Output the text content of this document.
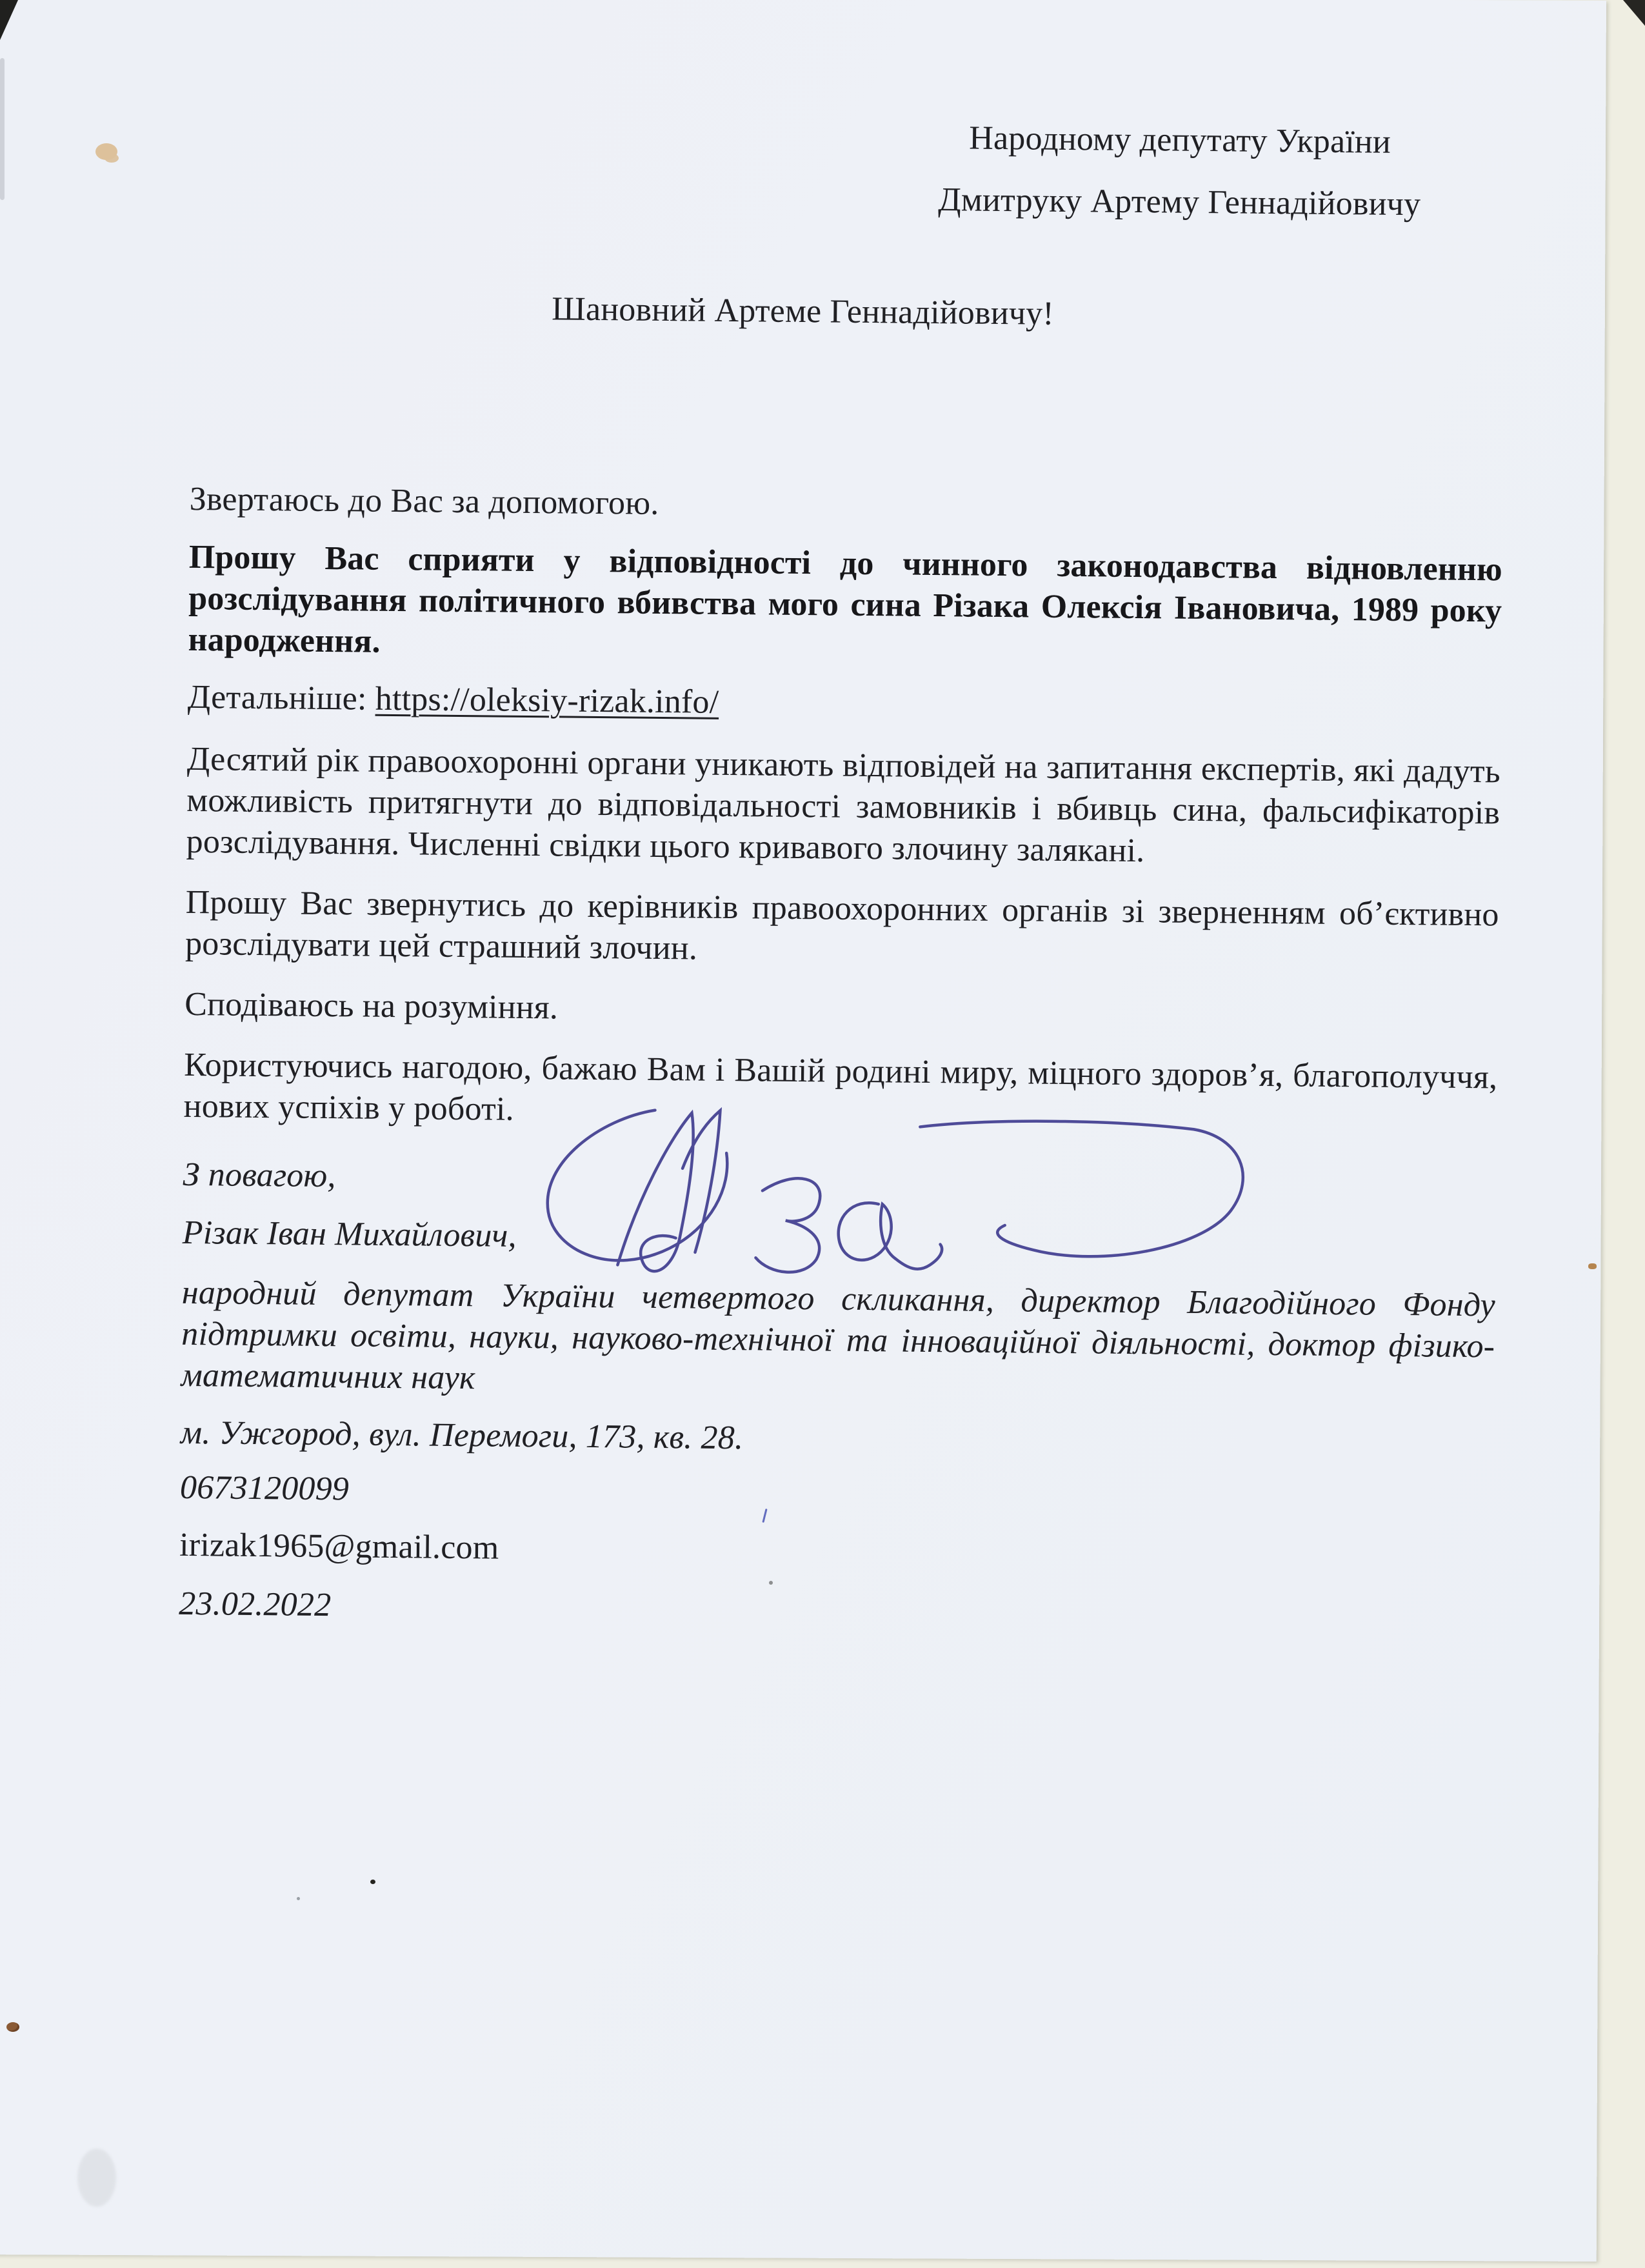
Народному депутату України
Дмитруку Артему Геннадійовичу
Шановний Артеме Геннадійовичу!
Звертаюсь до Вас за допомогою.
Прошу Вас сприяти у відповідності до чинного законодавства відновленню розслідування політичного вбивства мого сина Різака Олексія Івановича, 1989 року народження.
Детальніше: https://oleksiy-rizak.info/
Десятий рік правоохоронні органи уникають відповідей на запитання експертів, які дадуть можливість притягнути до відповідальності замовників і вбивць сина, фальсифікаторів розслідування. Численні свідки цього кривавого злочину залякані.
Прошу Вас звернутись до керівників правоохоронних органів зі зверненням об’єктивно розслідувати цей страшний злочин.
Сподіваюсь на розуміння.
Користуючись нагодою, бажаю Вам і Вашій родині миру, міцного здоров’я, благополуччя, нових успіхів у роботі.
З повагою,
Різак Іван Михайлович,
народний депутат України четвертого скликання, директор Благодійного Фонду підтримки освіти, науки, науково-технічної та інноваційної діяльності, доктор фізико-математичних наук
м. Ужгород, вул. Перемоги, 173, кв. 28.
0673120099
irizak1965@gmail.com
23.02.2022
